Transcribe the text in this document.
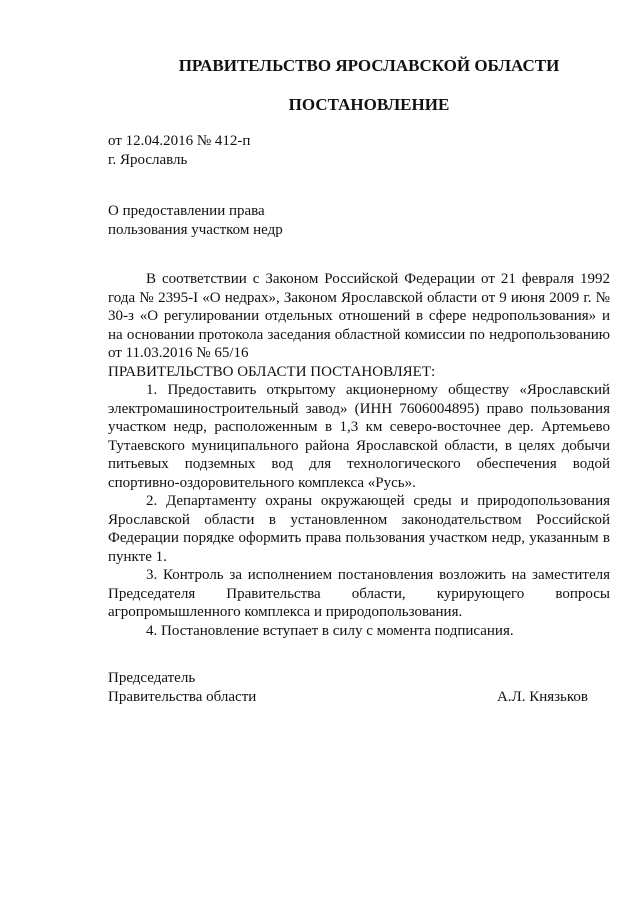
ПРАВИТЕЛЬСТВО ЯРОСЛАВСКОЙ ОБЛАСТИ
ПОСТАНОВЛЕНИЕ
от 12.04.2016 № 412-п
г. Ярославль
О предоставлении права
пользования участком недр

В соответствии с Законом Российской Федерации от 21 февраля 1992 года № 2395-I «О недрах», Законом Ярославской области от 9 июня 2009 г. № 30-з «О регулировании отдельных отношений в сфере недропользования» и на основании протокола заседания областной комиссии по недропользованию от 11.03.2016 № 65/16

ПРАВИТЕЛЬСТВО ОБЛАСТИ ПОСТАНОВЛЯЕТ:

1. Предоставить открытому акционерному обществу «Ярославский электромашиностроительный завод» (ИНН 7606004895) право пользования участком недр, расположенным в 1,3 км северо-восточнее дер. Артемьево Тутаевского муниципального района Ярославской области, в целях добычи питьевых подземных вод для технологического обеспечения водой спортивно-оздоровительного комплекса «Русь».

2. Департаменту охраны окружающей среды и природопользования Ярославской области в установленном законодательством Российской Федерации порядке оформить права пользования участком недр, указанным в пункте 1.

3. Контроль за исполнением постановления возложить на заместителя Председателя Правительства области, курирующего вопросы агропромышленного комплекса и природопользования.

4. Постановление вступает в силу с момента подписания.

Председатель
Правительства области	А.Л. Князьков
